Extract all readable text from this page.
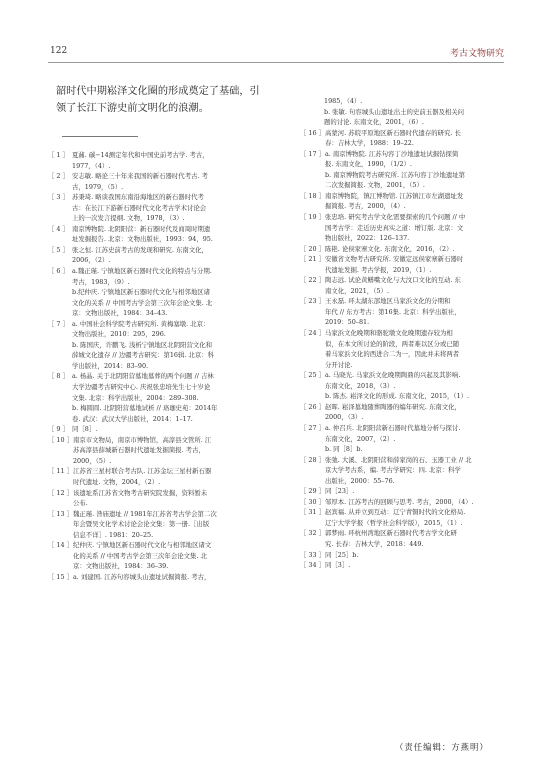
122	考古文物研究

韶时代中期崧泽文化圈的形成奠定了基础，引
领了长江下游史前文明化的浪潮。

［ 1 ］ 夏鼐. 碳−14测定年代和中国史前考古学. 考古，
1977，（4）.
［ 2 ］ 安志敏. 略论三十年来我国的新石器时代考古. 考
古，1979，（5）.
［ 3 ］ 苏秉琦. 略谈我国东南沿海地区的新石器时代考
古：在长江下游新石器时代文化考古学术讨论会
上的一次发言提纲. 文物，1978，（3）.
［ 4 ］ 南京博物院. 北阴阳营：新石器时代及商周时期遗
址发掘报告. 北京：文物出版社，1993：94，95.
［ 5 ］ 张之恒. 江苏史前考古的发现和研究. 东南文化，
2006，（2）.
［ 6 ］ a.魏正瑾. 宁镇地区新石器时代文化的特点与分期.
考古，1983，（9）.
b.纪仲庆. 宁镇地区新石器时代文化与相邻地区诸
文化的关系 // 中国考古学会第三次年会论文集. 北
京：文物出版社，1984：34–43.
［ 7 ］ a. 中国社会科学院考古研究所. 黄梅塞墩. 北京：
文物出版社，2010：295，296.
b. 陈国庆，许鹏飞. 浅析宁镇地区北阴阳营文化和
薛城文化遗存 // 边疆考古研究：第16辑. 北京：科
学出版社，2014：83–90.
［ 8 ］ a. 杨晶. 关于北阴阳营墓地墓葬的两个问题 // 吉林
大学边疆考古研究中心. 庆祝张忠培先生七十岁论
文集. 北京：科学出版社，2004：289–308.
b. 梅圆圆. 北阴阳营墓地试析 // 珞珈史苑：2014年
卷. 武汉：武汉大学出版社，2014：1–17.
［ 9 ］ 同［8］.
［ 10 ］ 南京市文物局，南京市博物馆，高淳县文管所. 江
苏高淳县薛城新石器时代遗址发掘简报. 考古，
2000，（5）.
［ 11 ］ 江苏省三星村联合考古队. 江苏金坛三星村新石器
时代遗址. 文物，2004，（2）.
［ 12 ］ 该遗址系江苏省文物考古研究院发掘，资料暂未
公布.
［ 13 ］ 魏正瑾. 昝庙遗址 // 1981年江苏省考古学会第二次
年会暨吴文化学术讨论会论文集：第一册.［出版
信息不详］. 1981：20–25.
［ 14 ］ 纪仲庆. 宁镇地区新石器时代文化与相邻地区诸文
化的关系 // 中国考古学会第三次年会论文集. 北
京：文物出版社，1984：36–39.
［ 15 ］ a. 刘建国. 江苏句容城头山遗址试掘简报. 考古，
1985，（4）.
b. 张敏. 句容城头山遗址出土的史前玉器及相关问
题的讨论. 东南文化，2001，（6）.
［ 16 ］ 高蒙河. 苏皖平原地区新石器时代遗存的研究. 长
春：吉林大学，1988：19–22.
［ 17 ］ a. 南京博物院. 江苏句容丁沙地遗址试掘钻探简
报. 东南文化，1990，（1/2）.
b. 南京博物院考古研究所. 江苏句容丁沙地遗址第
二次发掘简报. 文物，2001，（5）.
［ 18 ］ 南京博物院，镇江博物馆. 江苏镇江市左湖遗址发
掘简报. 考古，2000，（4）.
［ 19 ］ 张忠培. 研究考古学文化需要探索的几个问题 // 中
国考古学：走近历史真实之道：增订版. 北京：文
物出版社，2022：126–137.
［ 20 ］ 陈艳. 论侯家寨文化. 东南文化，2016，（2）.
［ 21 ］ 安徽省文物考古研究所. 安徽定远侯家寨新石器时
代遗址发掘. 考古学报，2019，（1）.
［ 22 ］ 陶志远. 试论黄鳝嘴文化与大汶口文化的互动. 东
南文化，2021，（5）.
［ 23 ］ 王永磊. 环太湖东部地区马家浜文化的分期和
年代 // 东方考古：第16集. 北京：科学出版社，
2019：50–81.
［ 24 ］ 马家浜文化晚期和骆驼墩文化晚期遗存较为相
似，在本文所讨论的阶段，两者难以区分或已随
着马家浜文化的西进合二为一，因此并未将两者
分开讨论.
［ 25 ］ a. 马晓光. 马家浜文化晚期陶鼎的兴起及其影响.
东南文化，2018，（3）.
b. 陈杰. 崧泽文化的形成. 东南文化，2015，（1）.
［ 26 ］ 赵晖. 崧泽墓地随葬陶器的编年研究. 东南文化，
2000，（3）.
［ 27 ］ a. 仲召兵. 北阴阳营新石器时代墓地分析与探讨.
东南文化，2007，（2）.
b. 同［8］b.
［ 28 ］ 张弛. 大溪、北阴阳营和薛家岗的石、玉器工业 // 北
京大学考古系，编. 考古学研究：四. 北京：科学
出版社，2000：55–76.
［ 29 ］ 同［23］.
［ 30 ］ 邹厚本. 江苏考古的回顾与思考. 考古，2000，（4）.
［ 31 ］ 赵宾福. 从并立到互动：辽宁青铜时代的文化格局.
辽宁大学学报（哲学社会科学版），2015，（1）.
［ 32 ］ 郭梦雨. 环杭州湾地区新石器时代考古学文化研
究. 长春：吉林大学，2018：449.
［ 33 ］ 同［25］b.
［ 34 ］ 同［3］.
（责任编辑：方燕明）
